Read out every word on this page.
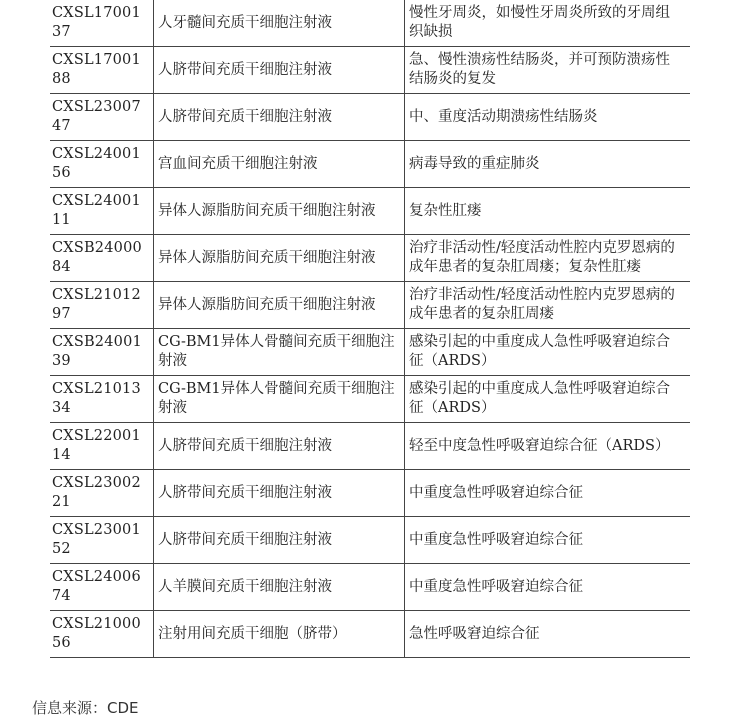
CXSL1700137	人牙髓间充质干细胞注射液	慢性牙周炎，如慢性牙周炎所致的牙周组织缺损
CXSL1700188	人脐带间充质干细胞注射液	急、慢性溃疡性结肠炎，并可预防溃疡性结肠炎的复发
CXSL2300747	人脐带间充质干细胞注射液	中、重度活动期溃疡性结肠炎
CXSL2400156	宫血间充质干细胞注射液	病毒导致的重症肺炎
CXSL2400111	异体人源脂肪间充质干细胞注射液	复杂性肛瘘
CXSB2400084	异体人源脂肪间充质干细胞注射液	治疗非活动性/轻度活动性腔内克罗恩病的成年患者的复杂肛周瘘；复杂性肛瘘
CXSL2101297	异体人源脂肪间充质干细胞注射液	治疗非活动性/轻度活动性腔内克罗恩病的成年患者的复杂肛周瘘
CXSB2400139	CG-BM1异体人骨髓间充质干细胞注射液	感染引起的中重度成人急性呼吸窘迫综合征（ARDS）
CXSL2101334	CG-BM1异体人骨髓间充质干细胞注射液	感染引起的中重度成人急性呼吸窘迫综合征（ARDS）
CXSL2200114	人脐带间充质干细胞注射液	轻至中度急性呼吸窘迫综合征（ARDS）
CXSL2300221	人脐带间充质干细胞注射液	中重度急性呼吸窘迫综合征
CXSL2300152	人脐带间充质干细胞注射液	中重度急性呼吸窘迫综合征
CXSL2400674	人羊膜间充质干细胞注射液	中重度急性呼吸窘迫综合征
CXSL2100056	注射用间充质干细胞（脐带）	急性呼吸窘迫综合征
信息来源：CDE
